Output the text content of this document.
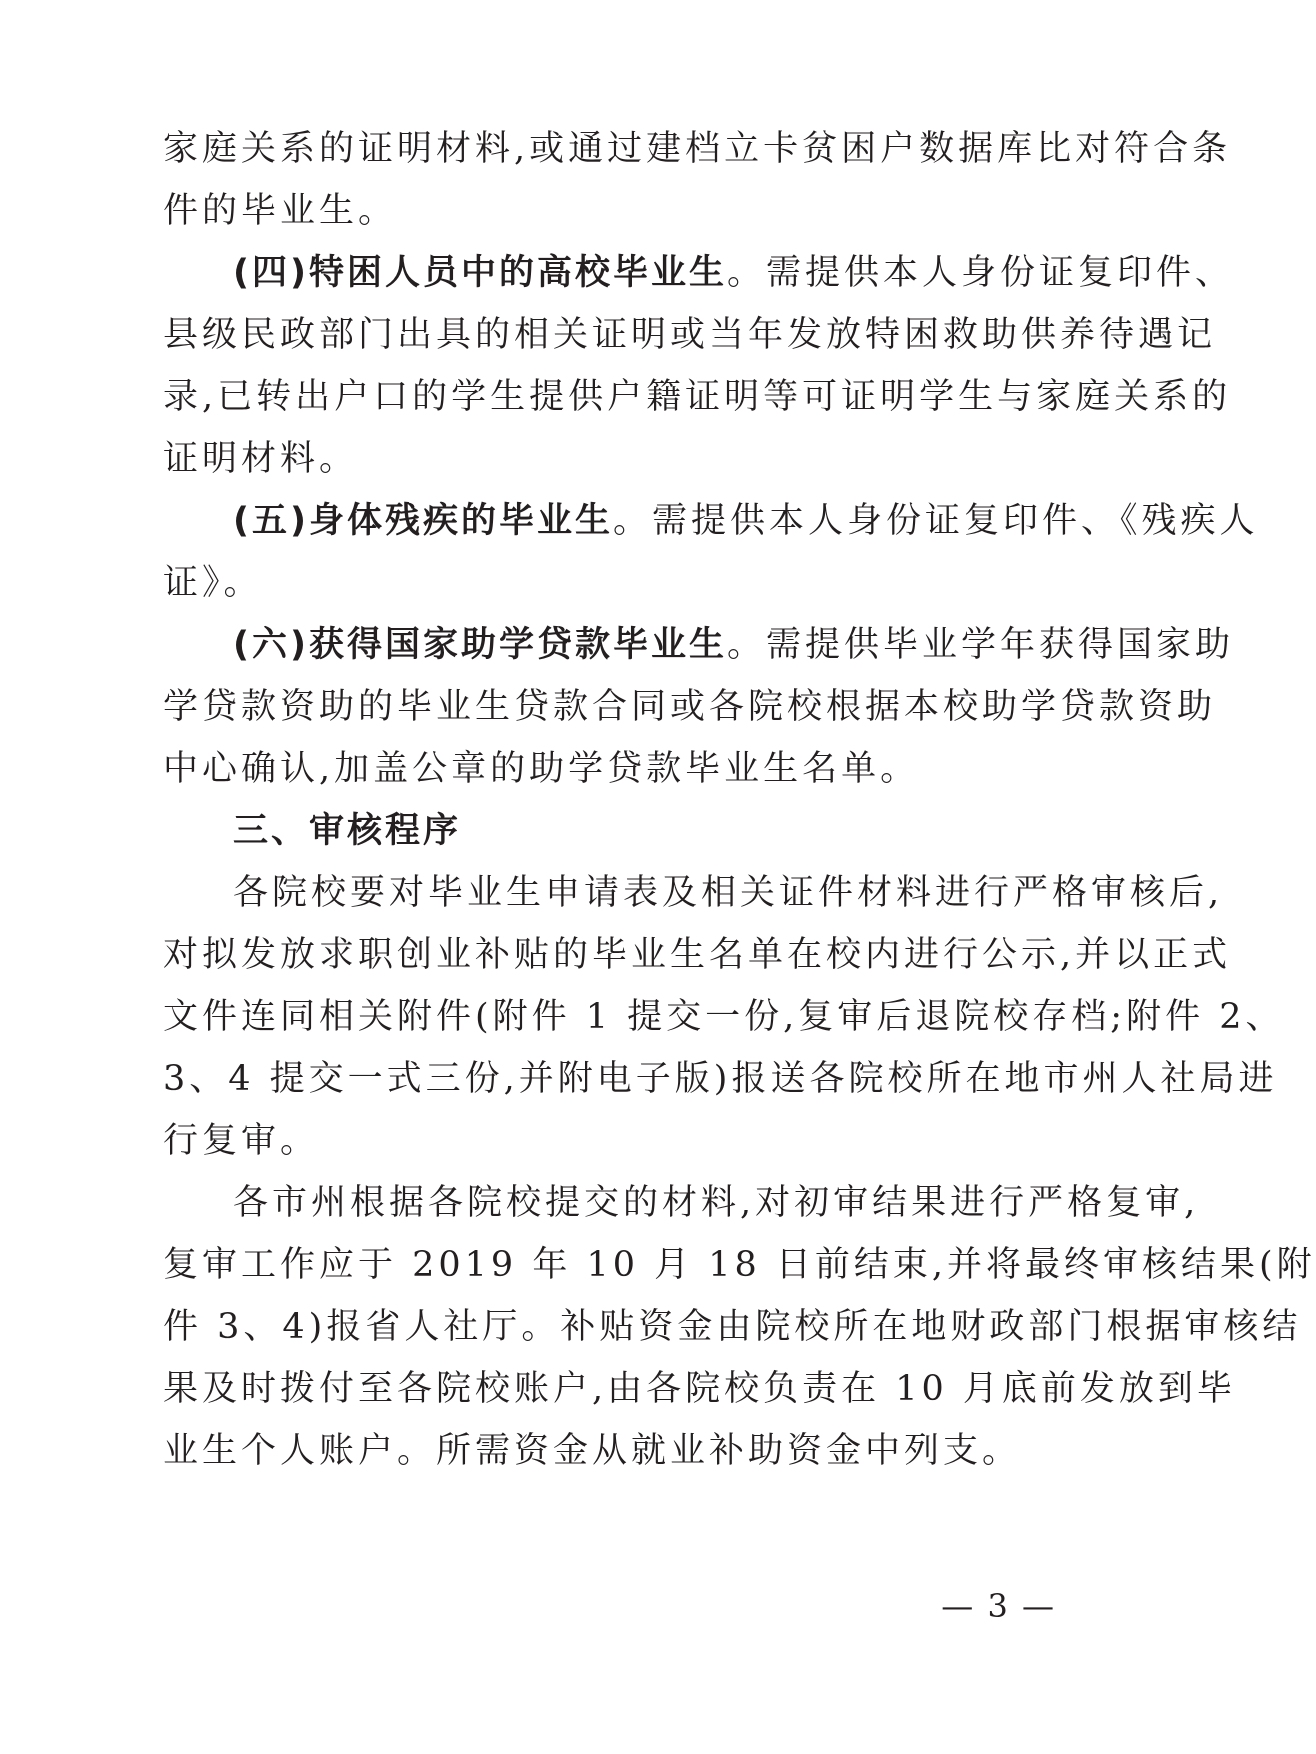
家庭关系的证明材料,或通过建档立卡贫困户数据库比对符合条
件的毕业生。
(四)特困人员中的高校毕业生。需提供本人身份证复印件、
县级民政部门出具的相关证明或当年发放特困救助供养待遇记
录,已转出户口的学生提供户籍证明等可证明学生与家庭关系的
证明材料。
(五)身体残疾的毕业生。需提供本人身份证复印件、《残疾人
证》。
(六)获得国家助学贷款毕业生。需提供毕业学年获得国家助
学贷款资助的毕业生贷款合同或各院校根据本校助学贷款资助
中心确认,加盖公章的助学贷款毕业生名单。
三、审核程序
各院校要对毕业生申请表及相关证件材料进行严格审核后,
对拟发放求职创业补贴的毕业生名单在校内进行公示,并以正式
文件连同相关附件(附件 1 提交一份,复审后退院校存档;附件 2、
3、4 提交一式三份,并附电子版)报送各院校所在地市州人社局进
行复审。
各市州根据各院校提交的材料,对初审结果进行严格复审,
复审工作应于 2019 年 10 月 18 日前结束,并将最终审核结果(附
件 3、4)报省人社厅。补贴资金由院校所在地财政部门根据审核结
果及时拨付至各院校账户,由各院校负责在 10 月底前发放到毕
业生个人账户。所需资金从就业补助资金中列支。
— 3 —
